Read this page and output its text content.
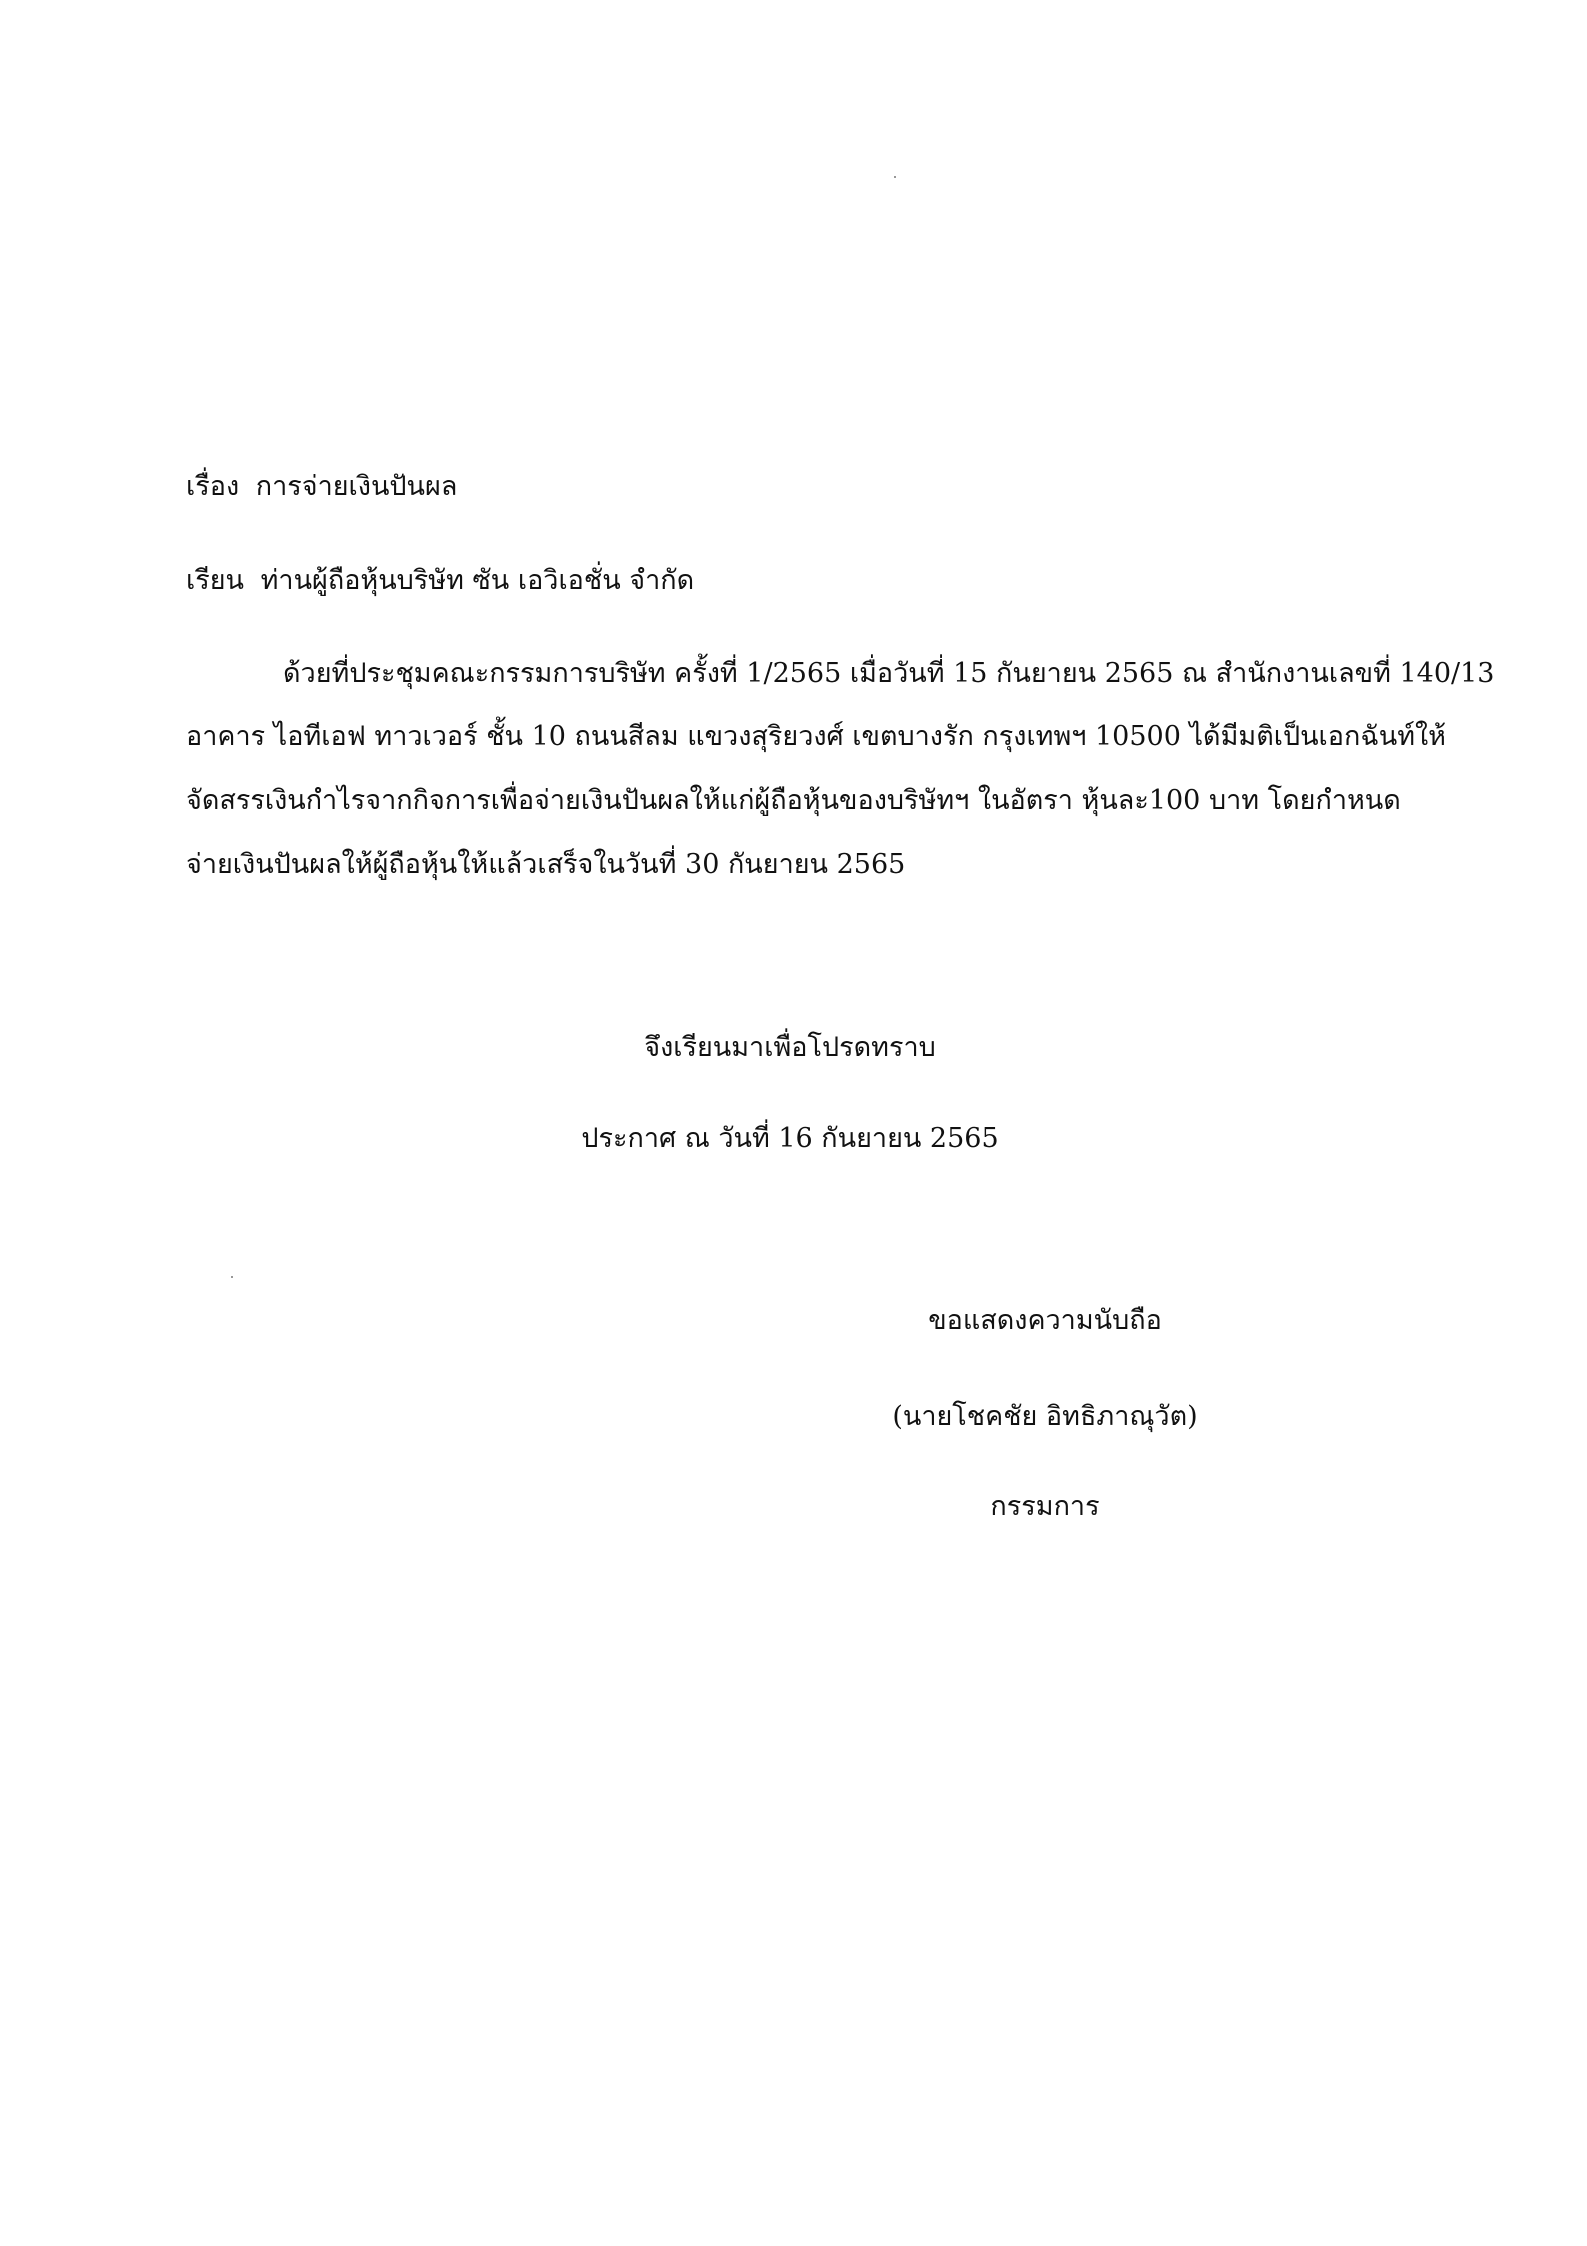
เรื่อง การจ่ายเงินปันผล
เรียน ท่านผู้ถือหุ้นบริษัท ซัน เอวิเอชั่น จำกัด
ด้วยที่ประชุมคณะกรรมการบริษัท ครั้งที่ 1/2565 เมื่อวันที่ 15 กันยายน 2565 ณ สำนักงานเลขที่ 140/13
อาคาร ไอทีเอฟ ทาวเวอร์ ชั้น 10 ถนนสีลม แขวงสุริยวงศ์ เขตบางรัก กรุงเทพฯ 10500 ได้มีมติเป็นเอกฉันท์ให้
จัดสรรเงินกำไรจากกิจการเพื่อจ่ายเงินปันผลให้แก่ผู้ถือหุ้นของบริษัทฯ ในอัตรา หุ้นละ100 บาท โดยกำหนด
จ่ายเงินปันผลให้ผู้ถือหุ้นให้แล้วเสร็จในวันที่ 30 กันยายน 2565
จึงเรียนมาเพื่อโปรดทราบ
ประกาศ ณ วันที่ 16 กันยายน 2565
ขอแสดงความนับถือ
(นายโชคชัย อิทธิภาณุวัต)
กรรมการ
